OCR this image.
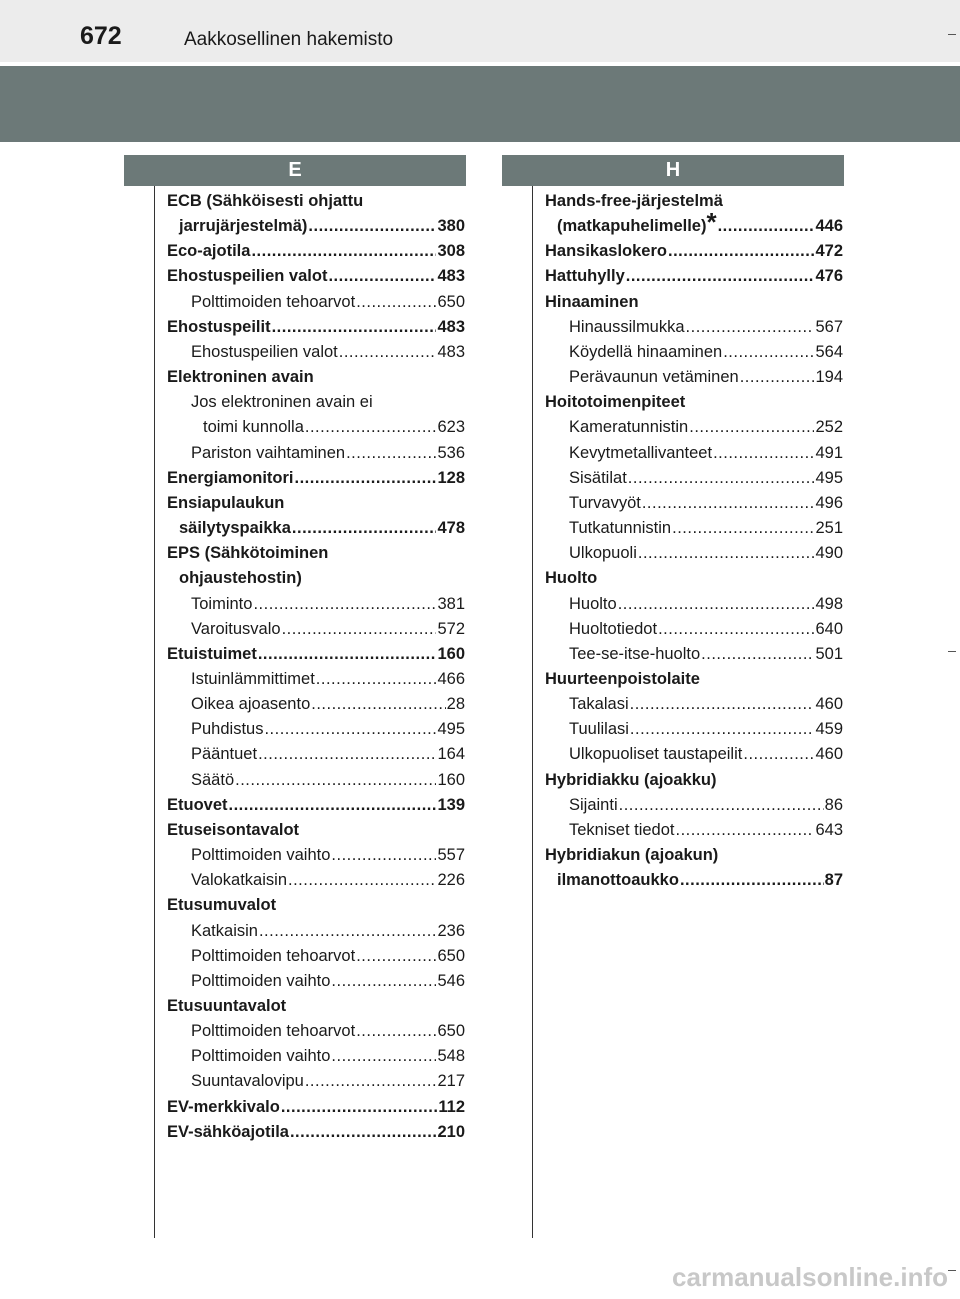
672	Aakkosellinen hakemisto
E	H
ECB (Sähköisesti ohjattu
jarrujärjestelmä) .....	380
Eco-ajotila .....	308
Ehostuspeilien valot .....	483
Polttimoiden tehoarvot .....	650
Ehostuspeilit .....	483
Ehostuspeilien valot .....	483
Elektroninen avain
Jos elektroninen avain ei
toimi kunnolla .....	623
Pariston vaihtaminen .....	536
Energiamonitori .....	128
Ensiapulaukun
säilytyspaikka .....	478
EPS (Sähkötoiminen
ohjaustehostin)
Toiminto .....	381
Varoitusvalo .....	572
Etuistuimet .....	160
Istuinlämmittimet .....	466
Oikea ajoasento .....	28
Puhdistus .....	495
Pääntuet .....	164
Säätö .....	160
Etuovet .....	139
Etuseisontavalot
Polttimoiden vaihto .....	557
Valokatkaisin .....	226
Etusumuvalot
Katkaisin .....	236
Polttimoiden tehoarvot .....	650
Polttimoiden vaihto .....	546
Etusuuntavalot
Polttimoiden tehoarvot .....	650
Polttimoiden vaihto .....	548
Suuntavalovipu .....	217
EV-merkkivalo .....	112
EV-sähköajotila .....	210
Hands-free-järjestelmä
(matkapuhelimelle) * .....	446
Hansikaslokero .....	472
Hattuhylly .....	476
Hinaaminen
Hinaussilmukka .....	567
Köydellä hinaaminen .....	564
Perävaunun vetäminen .....	194
Hoitotoimenpiteet
Kameratunnistin .....	252
Kevytmetallivanteet .....	491
Sisätilat .....	495
Turvavyöt .....	496
Tutkatunnistin .....	251
Ulkopuoli .....	490
Huolto
Huolto .....	498
Huoltotiedot .....	640
Tee-se-itse-huolto .....	501
Huurteenpoistolaite
Takalasi .....	460
Tuulilasi .....	459
Ulkopuoliset taustapeilit .....	460
Hybridiakku (ajoakku)
Sijainti .....	86
Tekniset tiedot .....	643
Hybridiakun (ajoakun)
ilmanottoaukko .....	87
carmanualsonline.info
